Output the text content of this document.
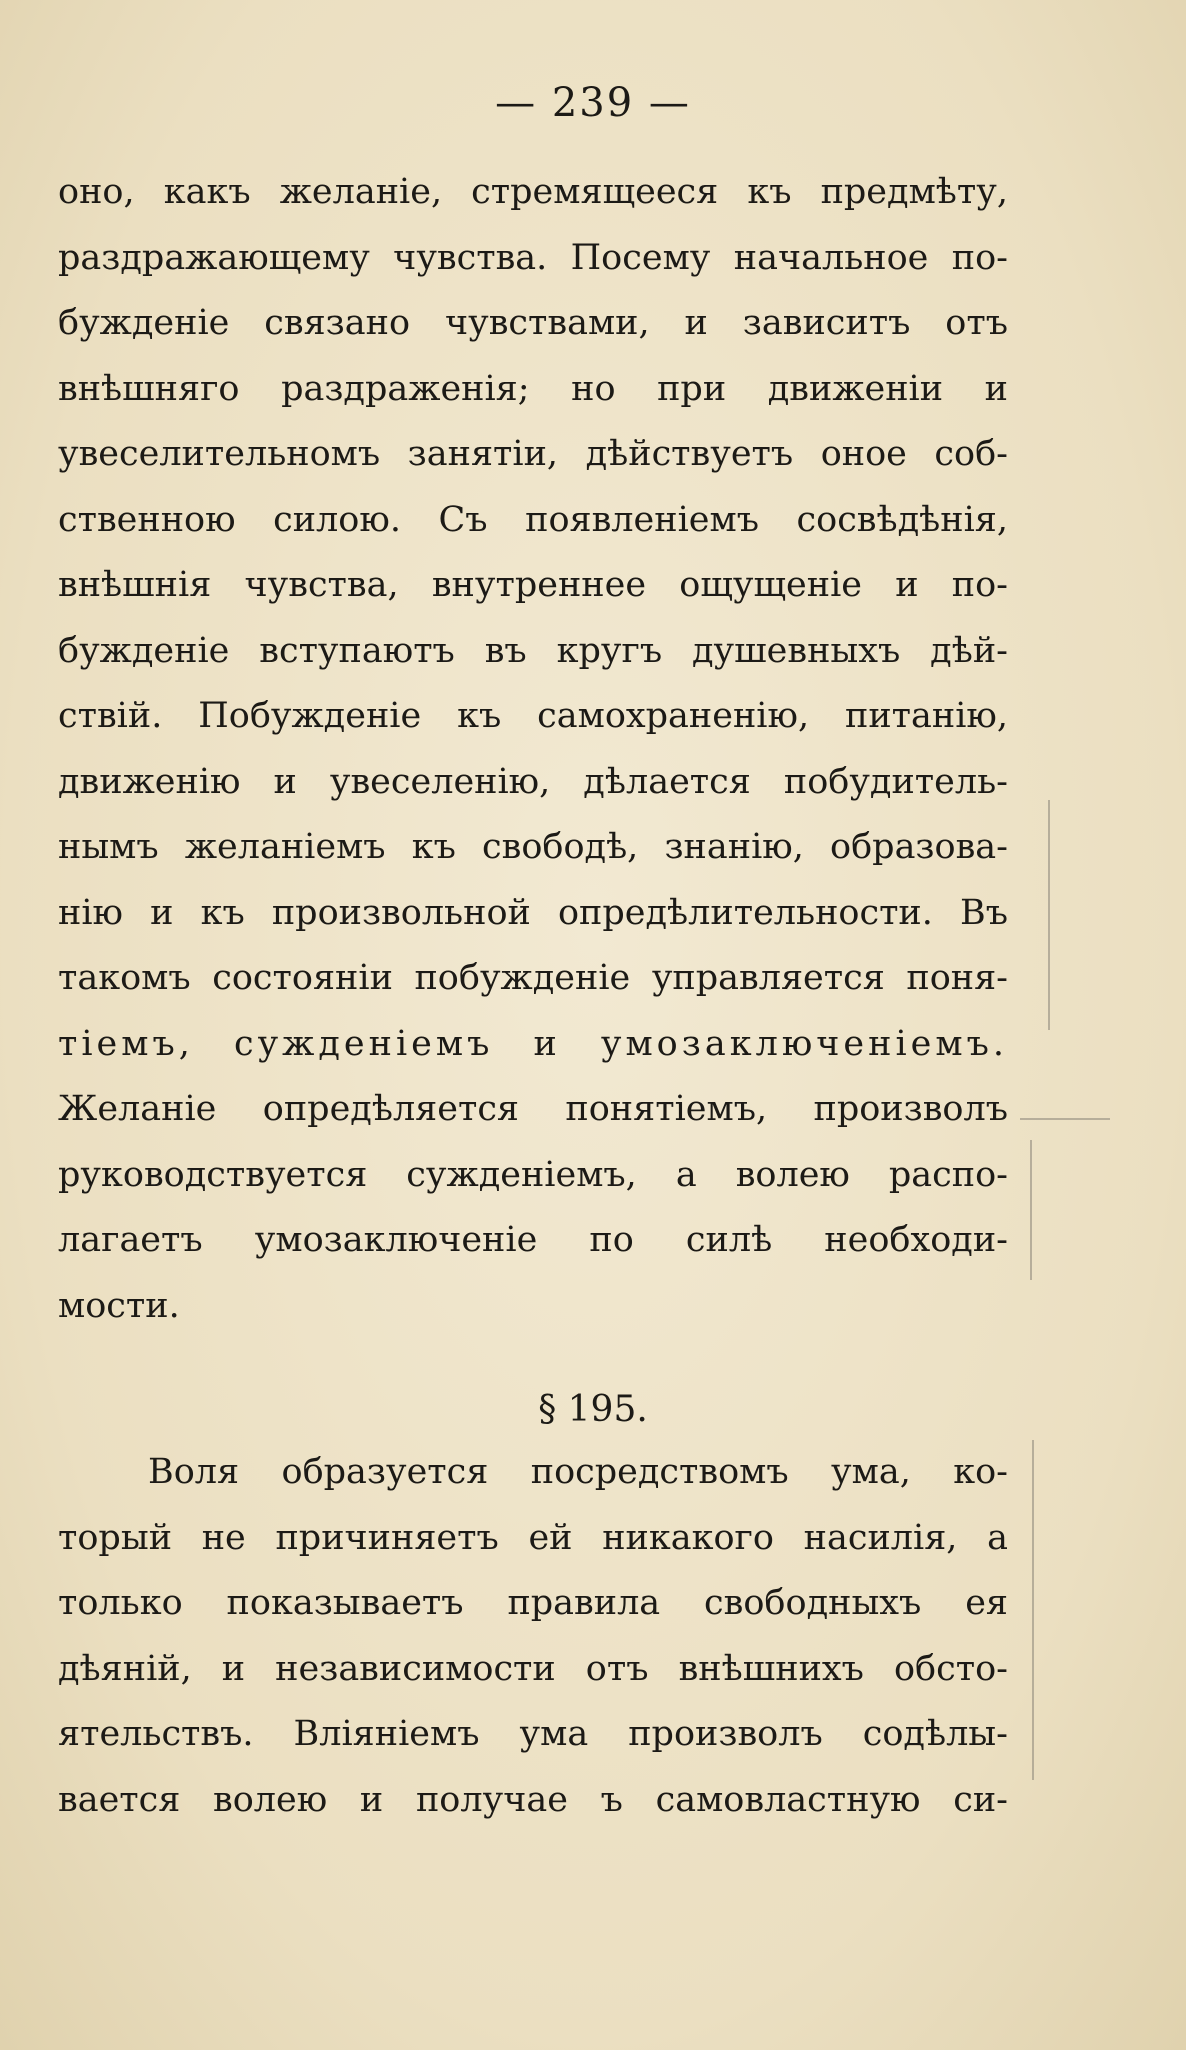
— 239 —
оно, какъ желаніе, стремящееся къ предмѣту,
раздражающему чувства. Посему начальное по-
бужденіе связано чувствами, и зависитъ отъ
внѣшняго раздраженія; но при движеніи и
увеселительномъ занятіи, дѣйствуетъ оное соб-
ственною силою. Съ появленіемъ сосвѣдѣнія,
внѣшнія чувства, внутреннее ощущеніе и по-
бужденіе вступаютъ въ кругъ душевныхъ дѣй-
ствій. Побужденіе къ самохраненію, питанію,
движенію и увеселенію, дѣлается побудитель-
нымъ желаніемъ къ свободѣ, знанію, образова-
нію и къ произвольной опредѣлительности. Въ
такомъ состояніи побужденіе управляется поня-
тіемъ, сужденіемъ и умозаключеніемъ.
Желаніе опредѣляется понятіемъ, произволъ
руководствуется сужденіемъ, а волею распо-
лагаетъ умозаключеніе по силѣ необходи-
мости.
§ 195.
Воля образуется посредствомъ ума, ко-
торый не причиняетъ ей никакого насилія, а
только показываетъ правила свободныхъ ея
дѣяній, и независимости отъ внѣшнихъ обсто-
ятельствъ. Вліяніемъ ума произволъ содѣлы-
вается волею и получае ъ самовластную си-
